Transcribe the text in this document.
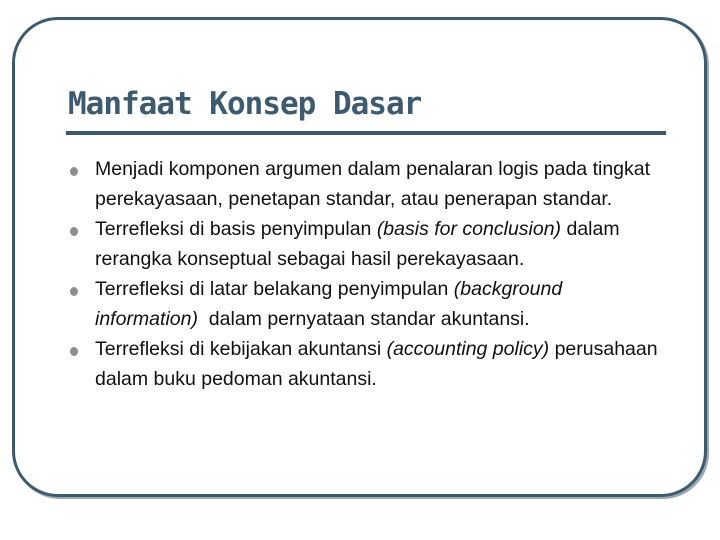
Manfaat Konsep Dasar
Menjadi komponen argumen dalam penalaran logis pada tingkat perekayasaan, penetapan standar, atau penerapan standar.
Terrefleksi di basis penyimpulan (basis for conclusion) dalam rerangka konseptual sebagai hasil perekayasaan.
Terrefleksi di latar belakang penyimpulan (background information)  dalam pernyataan standar akuntansi.
Terrefleksi di kebijakan akuntansi (accounting policy) perusahaan dalam buku pedoman akuntansi.
